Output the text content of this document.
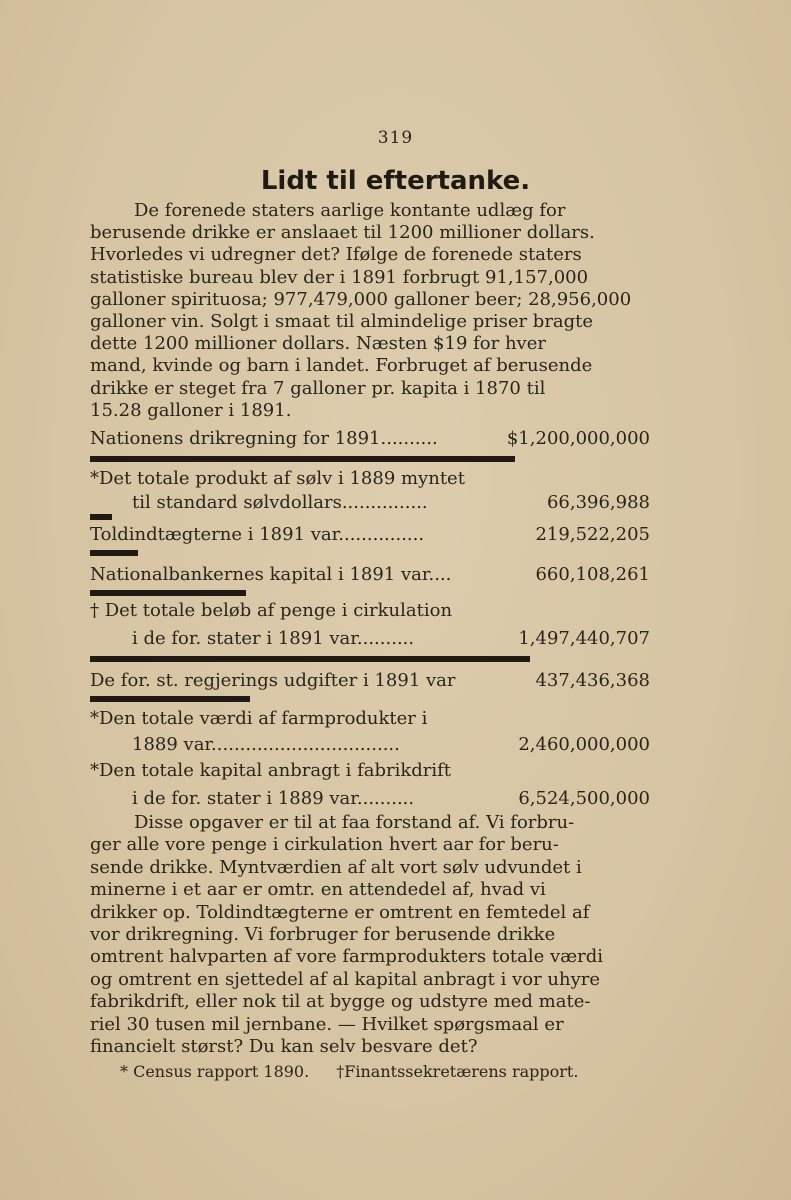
319
Lidt til eftertanke.
De forenede staters aarlige kontante udlæg for
berusende drikke er anslaaet til 1200 millioner dollars.
Hvorledes vi udregner det? Ifølge de forenede staters
statistiske bureau blev der i 1891 forbrugt 91,157,000
galloner spirituosa; 977,479,000 galloner beer; 28,956,000
galloner vin. Solgt i smaat til almindelige priser bragte
dette 1200 millioner dollars. Næsten $19 for hver
mand, kvinde og barn i landet. Forbruget af berusende
drikke er steget fra 7 galloner pr. kapita i 1870 til
15.28 galloner i 1891.
Nationens drikregning for 1891..........	$1,200,000,000
*Det totale produkt af sølv i 1889 myntet
til standard sølvdollars...............	66,396,988
Toldindtægterne i 1891 var...............	219,522,205
Nationalbankernes kapital i 1891 var....	660,108,261
† Det totale beløb af penge i cirkulation
i de for. stater i 1891 var..........	1,497,440,707
De for. st. regjerings udgifter i 1891 var	437,436,368
*Den totale værdi af farmprodukter i
1889 var.................................	2,460,000,000
*Den totale kapital anbragt i fabrikdrift
i de for. stater i 1889 var..........	6,524,500,000
Disse opgaver er til at faa forstand af. Vi forbru-
ger alle vore penge i cirkulation hvert aar for beru-
sende drikke. Myntværdien af alt vort sølv udvundet i
minerne i et aar er omtr. en attendedel af, hvad vi
drikker op. Toldindtægterne er omtrent en femtedel af
vor drikregning. Vi forbruger for berusende drikke
omtrent halvparten af vore farmprodukters totale værdi
og omtrent en sjettedel af al kapital anbragt i vor uhyre
fabrikdrift, eller nok til at bygge og udstyre med mate-
riel 30 tusen mil jernbane. — Hvilket spørgsmaal er
financielt størst? Du kan selv besvare det?
* Census rapport 1890. †Finantssekretærens rapport.
